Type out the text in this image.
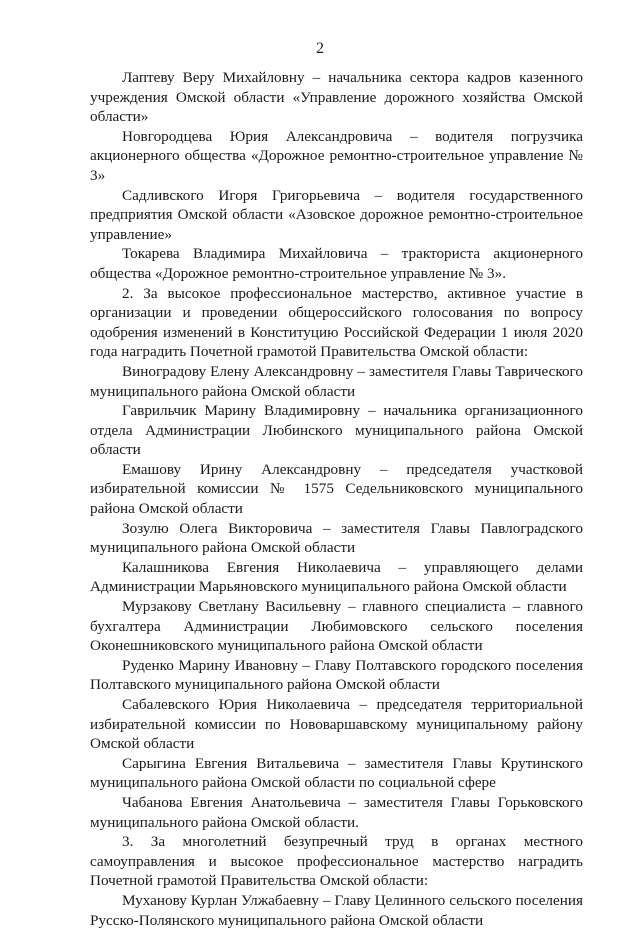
2

Лаптеву Веру Михайловну – начальника сектора кадров казенного учреждения Омской области «Управление дорожного хозяйства Омской области»

Новгородцева Юрия Александровича – водителя погрузчика акционерного общества «Дорожное ремонтно-строительное управление № 3»

Садливского Игоря Григорьевича – водителя государственного предприятия Омской области «Азовское дорожное ремонтно-строительное управление»

Токарева Владимира Михайловича – тракториста акционерного общества «Дорожное ремонтно-строительное управление № 3».

2. За высокое профессиональное мастерство, активное участие в организации и проведении общероссийского голосования по вопросу одобрения изменений в Конституцию Российской Федерации 1 июля 2020 года наградить Почетной грамотой Правительства Омской области:

Виноградову Елену Александровну – заместителя Главы Таврического муниципального района Омской области

Гаврильчик Марину Владимировну – начальника организационного отдела Администрации Любинского муниципального района Омской области

Емашову Ирину Александровну – председателя участковой избирательной комиссии № 1575 Седельниковского муниципального района Омской области

Зозулю Олега Викторовича – заместителя Главы Павлоградского муниципального района Омской области

Калашникова Евгения Николаевича – управляющего делами Администрации Марьяновского муниципального района Омской области

Мурзакову Светлану Васильевну – главного специалиста – главного бухгалтера Администрации Любимовского сельского поселения Оконешниковского муниципального района Омской области

Руденко Марину Ивановну – Главу Полтавского городского поселения Полтавского муниципального района Омской области

Сабалевского Юрия Николаевича – председателя территориальной избирательной комиссии по Нововаршавскому муниципальному району Омской области

Сарыгина Евгения Витальевича – заместителя Главы Крутинского муниципального района Омской области по социальной сфере

Чабанова Евгения Анатольевича – заместителя Главы Горьковского муниципального района Омской области.

3. За многолетний безупречный труд в органах местного самоуправления и высокое профессиональное мастерство наградить Почетной грамотой Правительства Омской области:

Муханову Курлан Улжабаевну – Главу Целинного сельского поселения Русско-Полянского муниципального района Омской области
